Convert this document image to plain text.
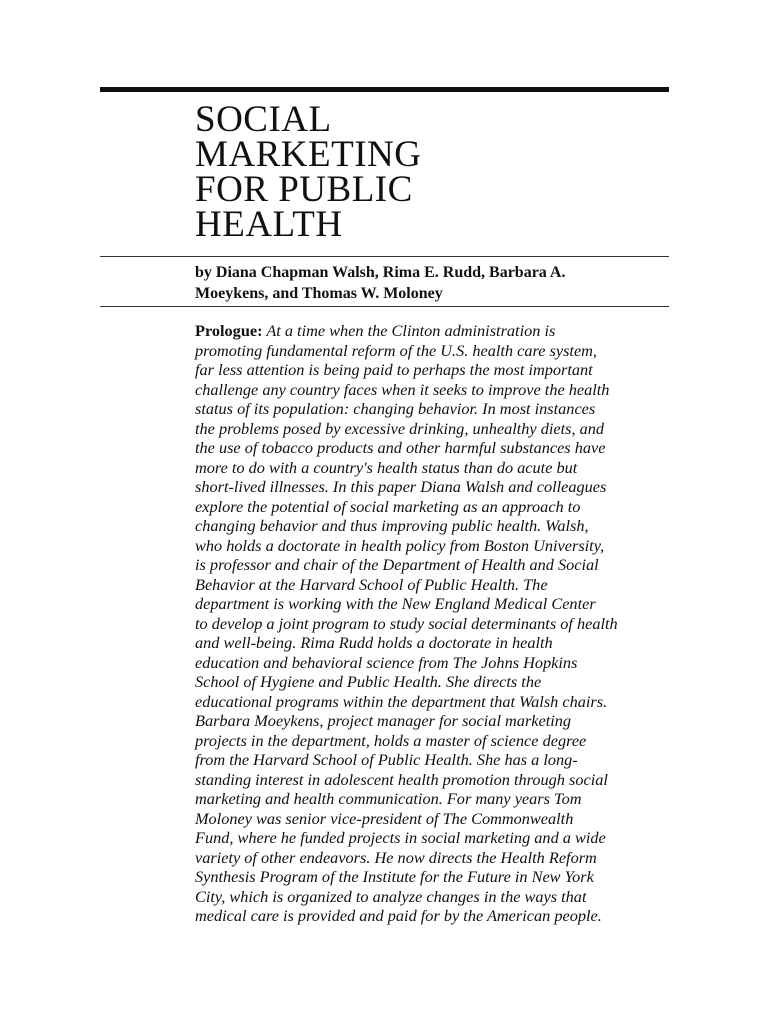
SOCIAL
MARKETING
FOR PUBLIC
HEALTH

by Diana Chapman Walsh, Rima E. Rudd, Barbara A.
Moeykens, and Thomas W. Moloney

Prologue: At a time when the Clinton administration is
promoting fundamental reform of the U.S. health care system,
far less attention is being paid to perhaps the most important
challenge any country faces when it seeks to improve the health
status of its population: changing behavior. In most instances
the problems posed by excessive drinking, unhealthy diets, and
the use of tobacco products and other harmful substances have
more to do with a country's health status than do acute but
short-lived illnesses. In this paper Diana Walsh and colleagues
explore the potential of social marketing as an approach to
changing behavior and thus improving public health. Walsh,
who holds a doctorate in health policy from Boston University,
is professor and chair of the Department of Health and Social
Behavior at the Harvard School of Public Health. The
department is working with the New England Medical Center
to develop a joint program to study social determinants of health
and well-being. Rima Rudd holds a doctorate in health
education and behavioral science from The Johns Hopkins
School of Hygiene and Public Health. She directs the
educational programs within the department that Walsh chairs.
Barbara Moeykens, project manager for social marketing
projects in the department, holds a master of science degree
from the Harvard School of Public Health. She has a long-
standing interest in adolescent health promotion through social
marketing and health communication. For many years Tom
Moloney was senior vice-president of The Commonwealth
Fund, where he funded projects in social marketing and a wide
variety of other endeavors. He now directs the Health Reform
Synthesis Program of the Institute for the Future in New York
City, which is organized to analyze changes in the ways that
medical care is provided and paid for by the American people.
